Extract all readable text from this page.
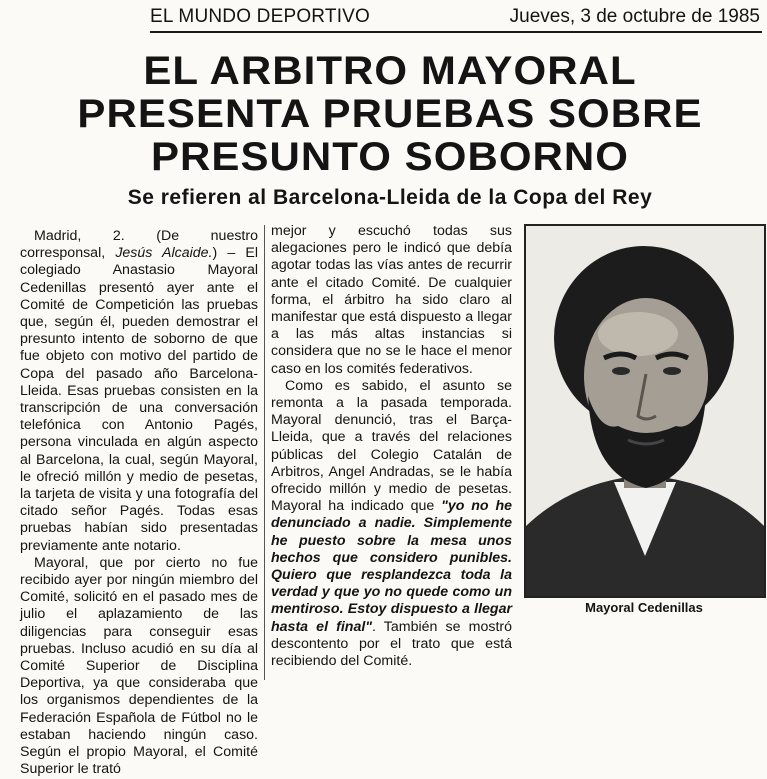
EL MUNDO DEPORTIVO	Jueves, 3 de octubre de 1985
EL ARBITRO MAYORAL
PRESENTA PRUEBAS SOBRE
PRESUNTO SOBORNO
Se refieren al Barcelona-Lleida de la Copa del Rey

Madrid, 2. (De nuestro corresponsal, Jesús Alcaide.) – El colegiado Anastasio Mayoral Cedenillas presentó ayer ante el Comité de Competición las pruebas que, según él, pueden demostrar el presunto intento de soborno de que fue objeto con motivo del partido de Copa del pasado año Barcelona-Lleida. Esas pruebas consisten en la transcripción de una conversación telefónica con Antonio Pagés, persona vinculada en algún aspecto al Barcelona, la cual, según Mayoral, le ofreció millón y medio de pesetas, la tarjeta de visita y una fotografía del citado señor Pagés. Todas esas pruebas habían sido presentadas previamente ante notario.

Mayoral, que por cierto no fue recibido ayer por ningún miembro del Comité, solicitó en el pasado mes de julio el aplazamiento de las diligencias para conseguir esas pruebas. Incluso acudió en su día al Comité Superior de Disciplina Deportiva, ya que consideraba que los organismos dependientes de la Federación Española de Fútbol no le estaban haciendo ningún caso. Según el propio Mayoral, el Comité Superior le trató

mejor y escuchó todas sus alegaciones pero le indicó que debía agotar todas las vías antes de recurrir ante el citado Comité. De cualquier forma, el árbitro ha sido claro al manifestar que está dispuesto a llegar a las más altas instancias si considera que no se le hace el menor caso en los comités federativos.

Como es sabido, el asunto se remonta a la pasada temporada. Mayoral denunció, tras el Barça-Lleida, que a través del relaciones públicas del Colegio Catalán de Arbitros, Angel Andradas, se le había ofrecido millón y medio de pesetas. Mayoral ha indicado que "yo no he denunciado a nadie. Simplemente he puesto sobre la mesa unos hechos que considero punibles. Quiero que resplandezca toda la verdad y que yo no quede como un mentiroso. Estoy dispuesto a llegar hasta el final". También se mostró descontento por el trato que está recibiendo del Comité.

Mayoral Cedenillas
